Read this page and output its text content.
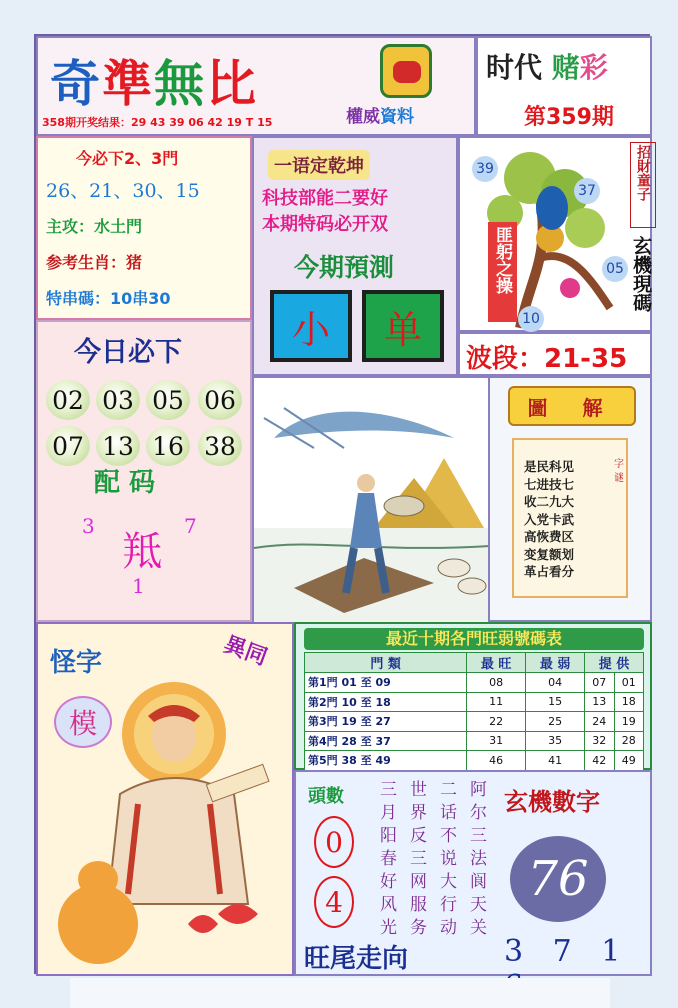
奇準無比
權威資料
358期开奖结果：29 43 39 06 42 19 T 15
时代 赌彩
第359期
今必下2、3門
26、21、30、15
主攻：水土門
参考生肖：猪
特串碼：10串30
一语定乾坤
科技部能二要好
本期特码必开双
今期預測
小	单
39
37
05
10
匪躬之操
招財童子
玄機現碼
波段：21-35
今日必下
02 03 05 06
07 13 16 38
配 码
3	7
羝
1
圖 解
是民科见
七进技七
收二九大
入党卡武
高恢费区
变复额划
革占看分
字
谜
怪字	異同
模
最近十期各門旺弱號碼表
門 類	最 旺	最 弱	提 供	
第1門 01 至 09	08	04	07	01
第2門 10 至 18	11	15	13	18
第3門 19 至 27	22	25	24	19
第4門 28 至 37	31	35	32	28
第5門 38 至 49	46	41	42	49
頭數
0
4	三月阳春好风光 世界反三网服务 二话不说大行动 阿尔三法阆天关 玄機數字
76
旺尾走向	3 7 1
